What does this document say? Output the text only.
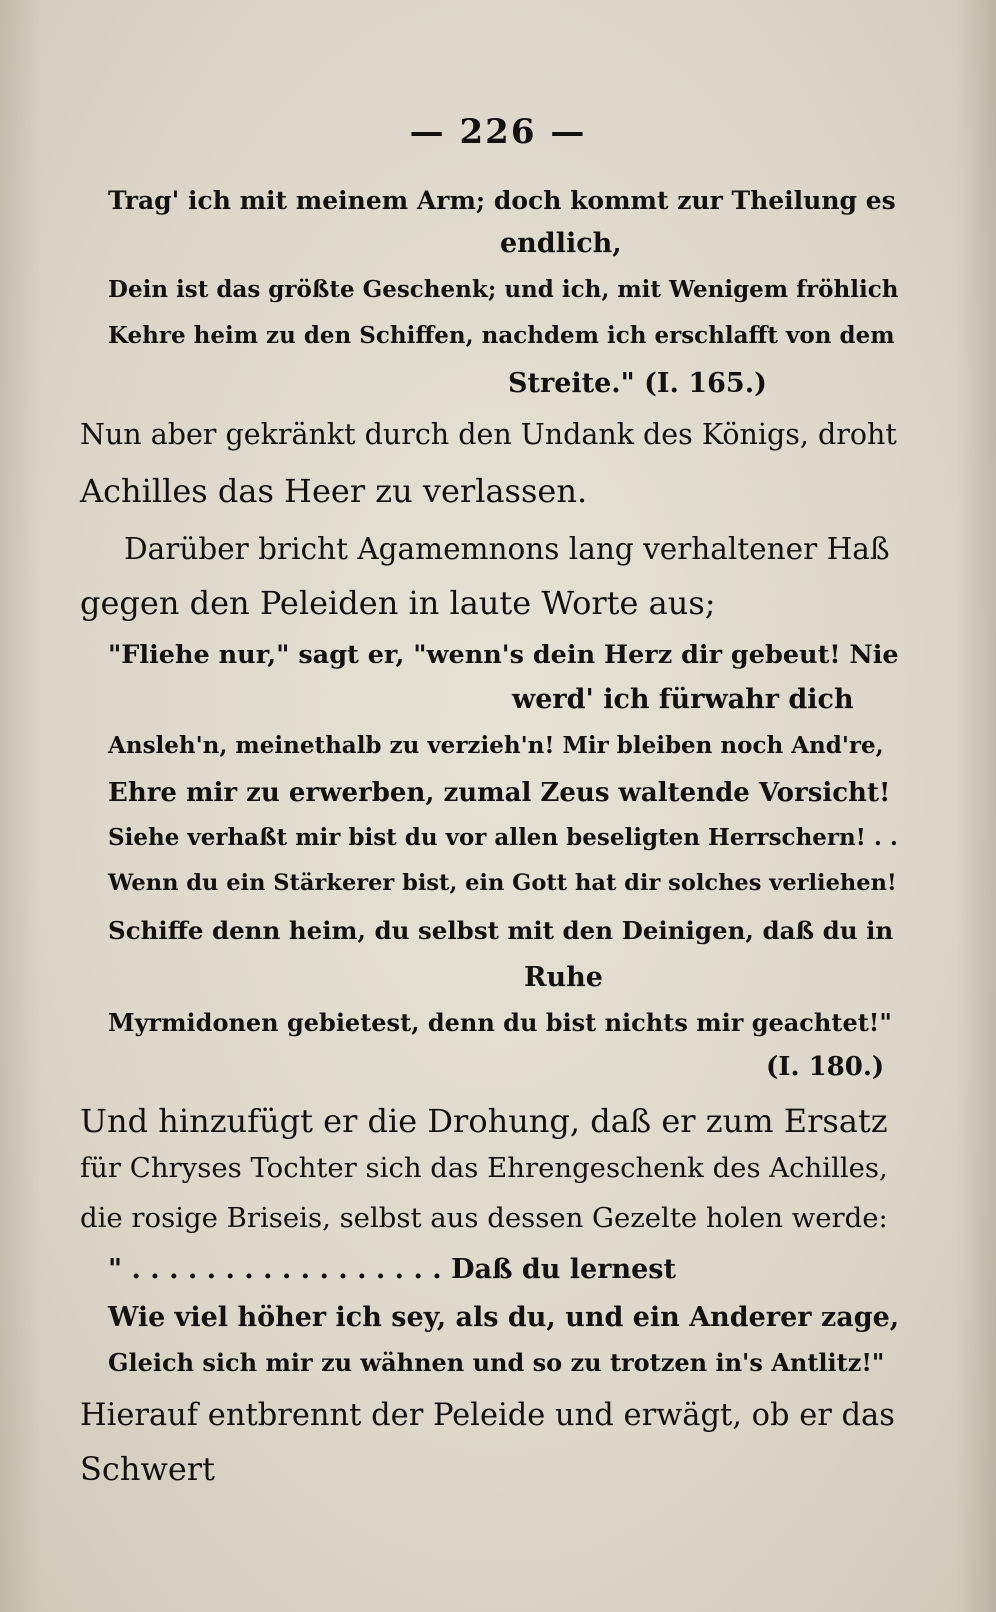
— 226 —
Trag' ich mit meinem Arm; doch kommt zur Theilung es
endlich,
Dein ist das größte Geschenk; und ich, mit Wenigem fröhlich
Kehre heim zu den Schiffen, nachdem ich erschlafft von dem
Streite." (I. 165.)
Nun aber gekränkt durch den Undank des Königs, droht
Achilles das Heer zu verlassen.
Darüber bricht Agamemnons lang verhaltener Haß
gegen den Peleiden in laute Worte aus;
"Fliehe nur," sagt er, "wenn's dein Herz dir gebeut! Nie
werd' ich fürwahr dich
Ansleh'n, meinethalb zu verzieh'n! Mir bleiben noch And're,
Ehre mir zu erwerben, zumal Zeus waltende Vorsicht!
Siehe verhaßt mir bist du vor allen beseligten Herrschern! . .
Wenn du ein Stärkerer bist, ein Gott hat dir solches verliehen!
Schiffe denn heim, du selbst mit den Deinigen, daß du in
Ruhe
Myrmidonen gebietest, denn du bist nichts mir geachtet!"
(I. 180.)
Und hinzufügt er die Drohung, daß er zum Ersatz
für Chryses Tochter sich das Ehrengeschenk des Achilles,
die rosige Briseis, selbst aus dessen Gezelte holen werde:
" . . . . . . . . . . . . . . . . . Daß du lernest
Wie viel höher ich sey, als du, und ein Anderer zage,
Gleich sich mir zu wähnen und so zu trotzen in's Antlitz!"
Hierauf entbrennt der Peleide und erwägt, ob er das
Schwert
